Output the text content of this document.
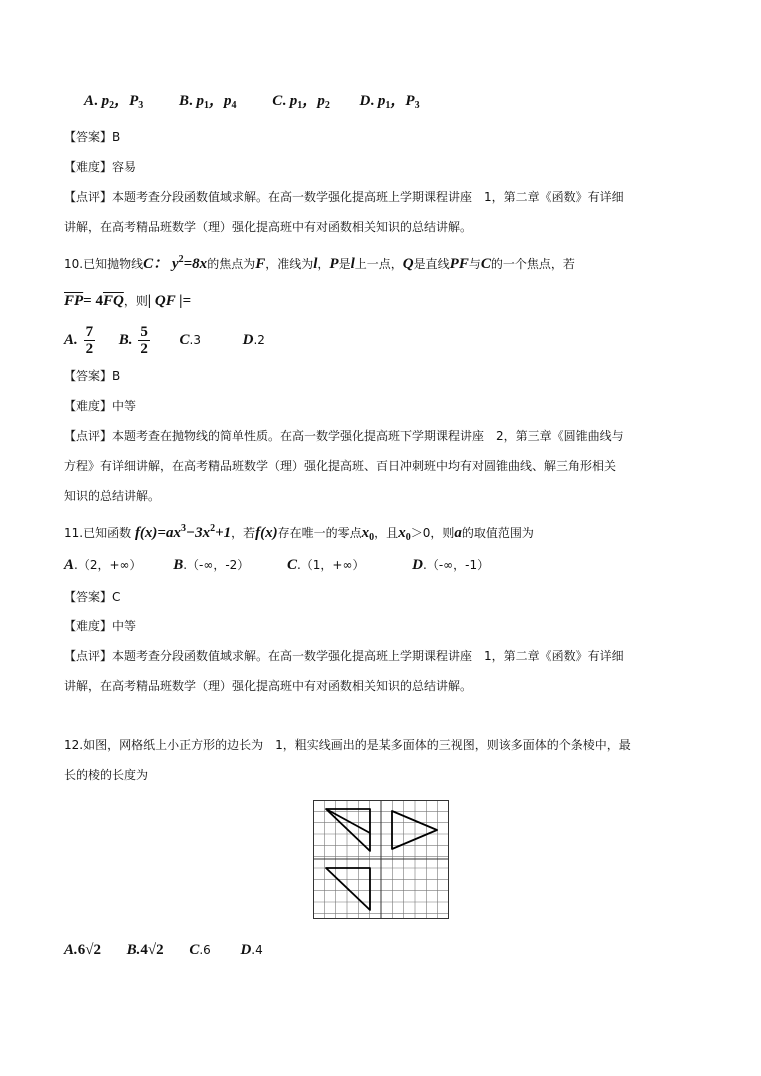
A. $p_2$，$P_3$ B. $p_1$，$p_4$ C. $p_1$，$p_2$ D. $p_1$，$P_3$
【答案】B
【难度】容易
【点评】本题考查分段函数值域求解。在高一数学强化提高班上学期课程讲座　1，第二章《函数》有详细
讲解，在高考精品班数学（理）强化提高班中有对函数相关知识的总结讲解。
10.已知抛物线C： $y^2=8x$的焦点为F，准线为l，P是l上一点，Q是直线PF与C的一个焦点，若
$\overline{FP}= 4\overline{FQ}$，则| QF |=
A. $\frac{7}{2} B$. $\frac{5}{2} C.3$	D.2
【答案】B
【难度】中等
【点评】本题考查在抛物线的简单性质。在高一数学强化提高班下学期课程讲座　2，第三章《圆锥曲线与
方程》有详细讲解，在高考精品班数学（理）强化提高班、百日冲刺班中均有对圆锥曲线、解三角形相关
知识的总结讲解。
11.已知函数 $f(x)=ax^3-3x^2+1$，若f(x)存在唯一的零点$x_0$，且$x_0>0$，则a的取值范围为
A.（2，+∞） B.（-∞，-2）	C.（1，+∞）	D.（-∞，-1）
【答案】C
【难度】中等
【点评】本题考查分段函数值域求解。在高一数学强化提高班上学期课程讲座　1，第二章《函数》有详细
讲解，在高考精品班数学（理）强化提高班中有对函数相关知识的总结讲解。
12.如图，网格纸上小正方形的边长为　1，粗实线画出的是某多面体的三视图，则该多面体的个条棱中，最
长的棱的长度为
A.6√2 B.4√2 C.6 D.4
